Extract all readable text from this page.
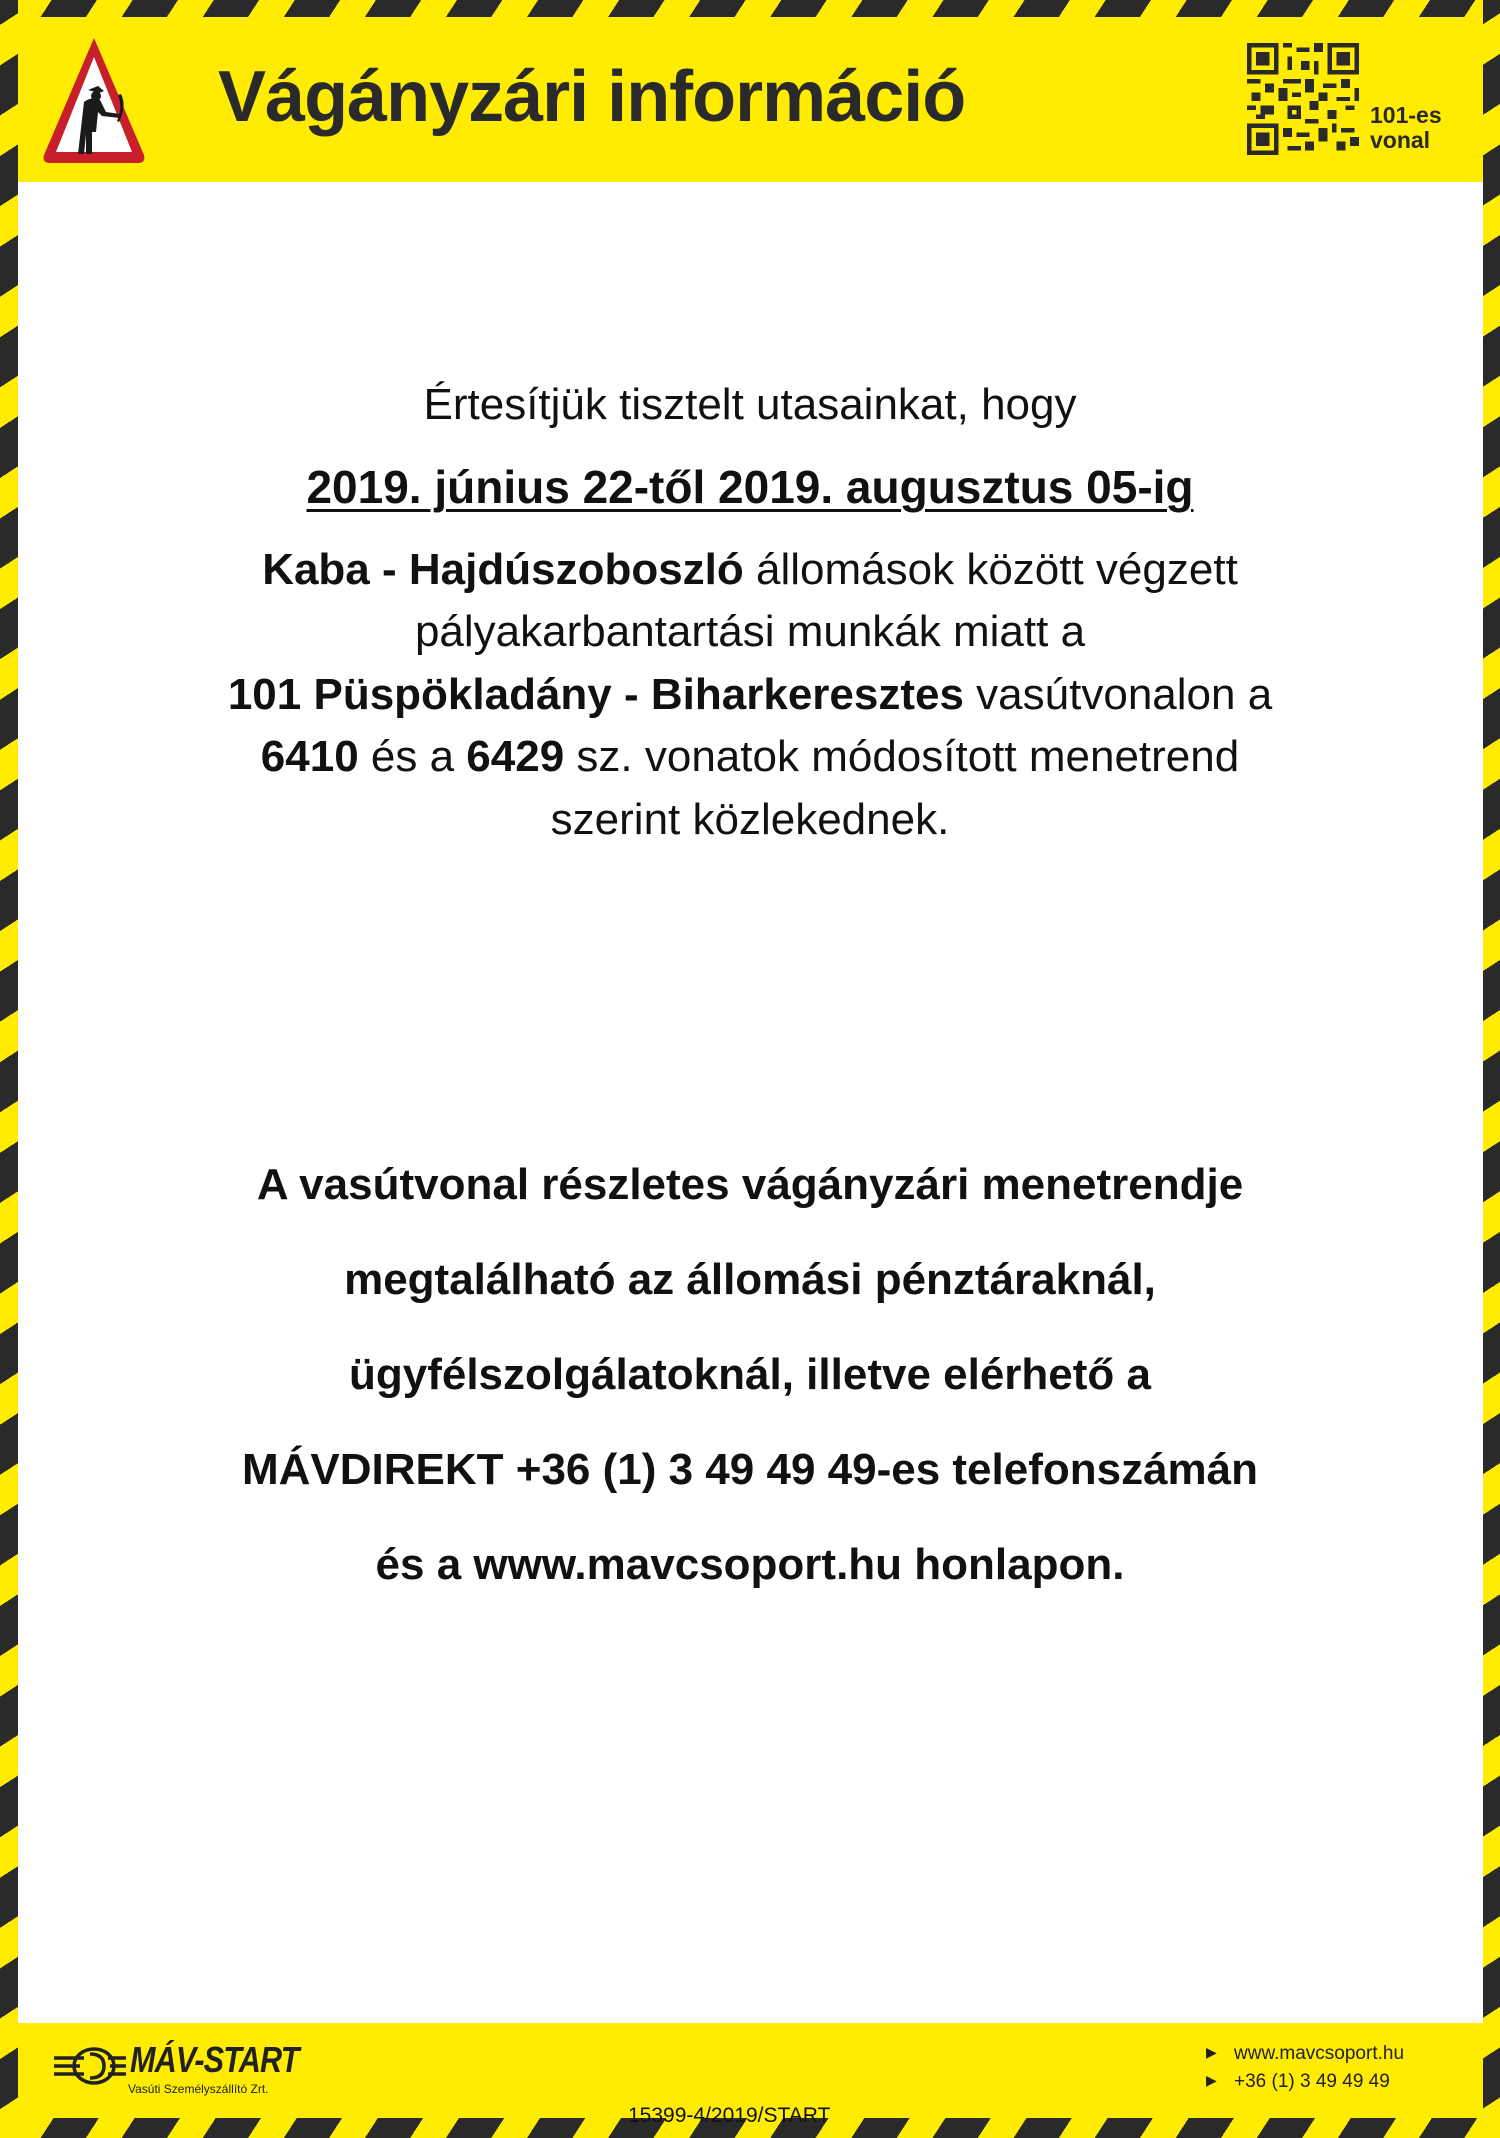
Vágányzári információ	101-es
vonal
Értesítjük tisztelt utasainkat, hogy
2019. június 22-től 2019. augusztus 05-ig
Kaba - Hajdúszoboszló állomások között végzett
pályakarbantartási munkák miatt a
101 Püspökladány - Biharkeresztes vasútvonalon a
6410 és a 6429 sz. vonatok módosított menetrend
szerint közlekednek.
A vasútvonal részletes vágányzári menetrendje
megtalálható az állomási pénztáraknál,
ügyfélszolgálatoknál, illetve elérhető a
MÁVDIREKT +36 (1) 3 49 49 49-es telefonszámán
és a www.mavcsoport.hu honlapon.
MÁV-START
Vasúti Személyszállító Zrt.
▶ www.mavcsoport.hu
▶ +36 (1) 3 49 49 49
15399-4/2019/START
